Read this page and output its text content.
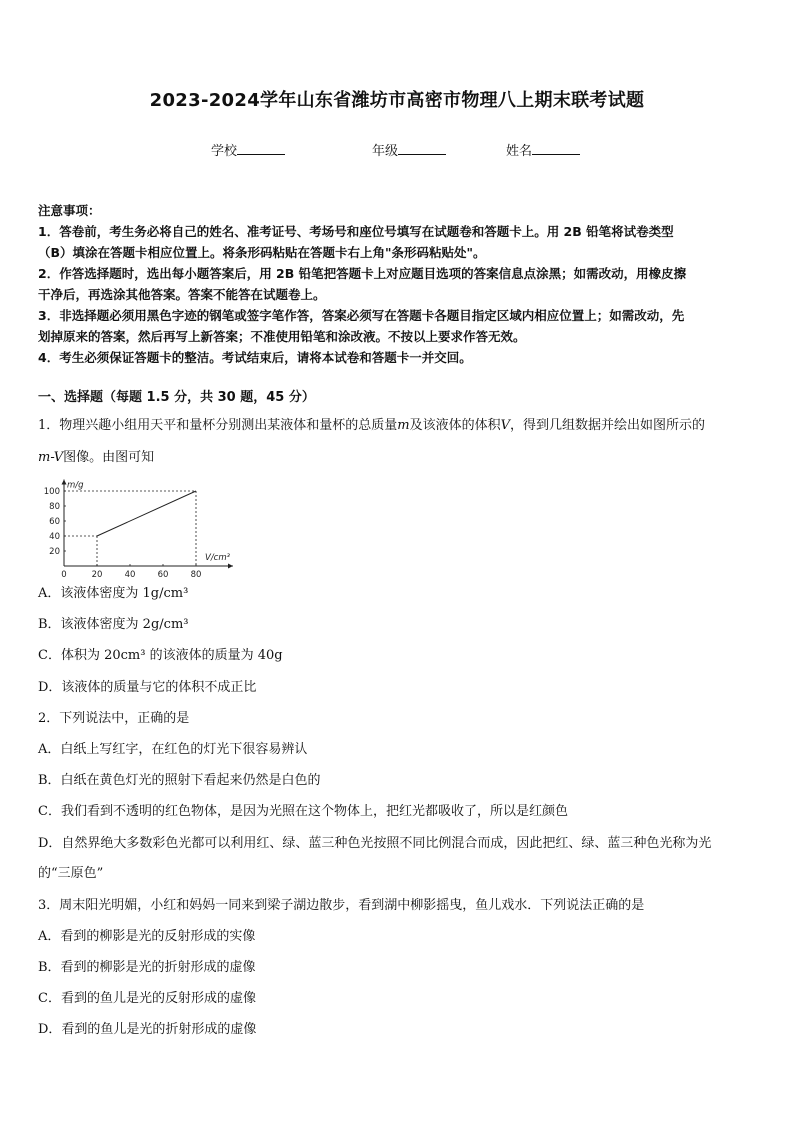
2023-2024学年山东省潍坊市高密市物理八上期末联考试题
学校	年级	姓名
注意事项：
1．答卷前，考生务必将自己的姓名、准考证号、考场号和座位号填写在试题卷和答题卡上。用 2B 铅笔将试卷类型
（B）填涂在答题卡相应位置上。将条形码粘贴在答题卡右上角"条形码粘贴处"。
2．作答选择题时，选出每小题答案后，用 2B 铅笔把答题卡上对应题目选项的答案信息点涂黑；如需改动，用橡皮擦
干净后，再选涂其他答案。答案不能答在试题卷上。
3．非选择题必须用黑色字迹的钢笔或签字笔作答，答案必须写在答题卡各题目指定区域内相应位置上；如需改动，先
划掉原来的答案，然后再写上新答案；不准使用铅笔和涂改液。不按以上要求作答无效。
4．考生必须保证答题卡的整洁。考试结束后，请将本试卷和答题卡一并交回。
一、选择题（每题 1.5 分，共 30 题，45 分）
1．物理兴趣小组用天平和量杯分别测出某液体和量杯的总质量m及该液体的体积V，得到几组数据并绘出如图所示的
m-V图像。由图可知
m/g
V/cm³
0	20	40	60	80
20
40
60
80
100
A．该液体密度为 1g/cm³
B．该液体密度为 2g/cm³
C．体积为 20cm³ 的该液体的质量为 40g
D．该液体的质量与它的体积不成正比
2．下列说法中，正确的是
A．白纸上写红字，在红色的灯光下很容易辨认
B．白纸在黄色灯光的照射下看起来仍然是白色的
C．我们看到不透明的红色物体，是因为光照在这个物体上，把红光都吸收了，所以是红颜色
D．自然界绝大多数彩色光都可以利用红、绿、蓝三种色光按照不同比例混合而成，因此把红、绿、蓝三种色光称为光
的“三原色”
3．周末阳光明媚，小红和妈妈一同来到梁子湖边散步，看到湖中柳影摇曳，鱼儿戏水．下列说法正确的是
A．看到的柳影是光的反射形成的实像
B．看到的柳影是光的折射形成的虚像
C．看到的鱼儿是光的反射形成的虚像
D．看到的鱼儿是光的折射形成的虚像
